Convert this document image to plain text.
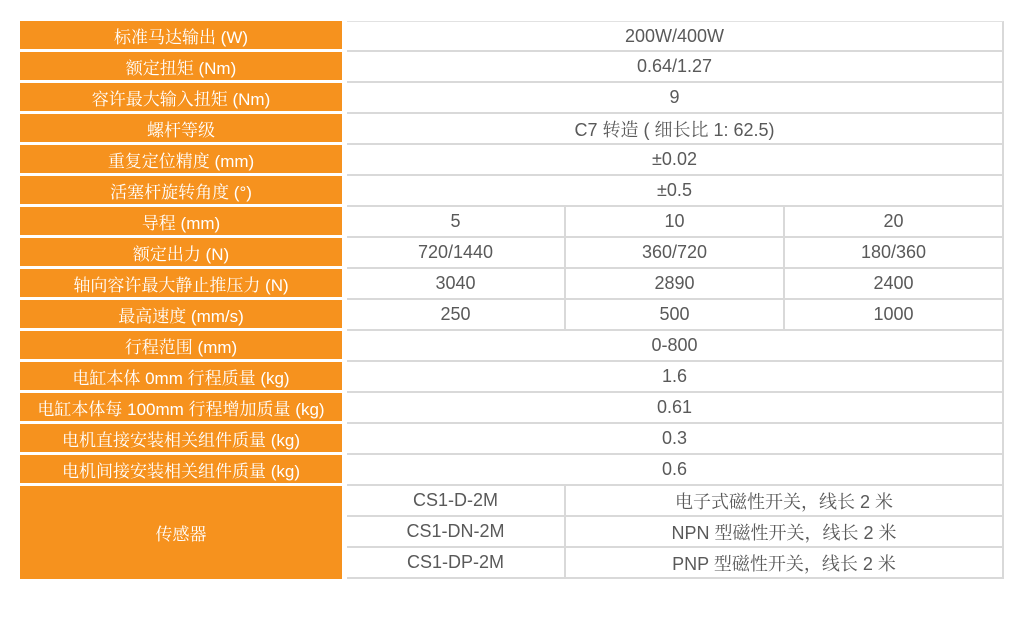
标准马达输出 (W)		200W/400W		
额定扭矩 (Nm)		0.64/1.27		
容许最大输入扭矩 (Nm)		9		
螺杆等级		C7 转造 ( 细长比 1: 62.5)		
重复定位精度 (mm)		±0.02		
活塞杆旋转角度 (°)		±0.5		
导程 (mm)		5	10	20
额定出力 (N)		720/1440	360/720	180/360
轴向容许最大静止推压力 (N)		3040	2890	2400
最高速度 (mm/s)		250	500	1000
行程范围 (mm)		0-800		
电缸本体 0mm 行程质量 (kg)		1.6		
电缸本体每 100mm 行程增加质量 (kg)		0.61		
电机直接安装相关组件质量 (kg)		0.3		
电机间接安装相关组件质量 (kg)		0.6		
传感器		CS1-D-2M	电子式磁性开关，线长 2 米	
		CS1-DN-2M	NPN 型磁性开关，线长 2 米	
		CS1-DP-2M	PNP 型磁性开关，线长 2 米	
